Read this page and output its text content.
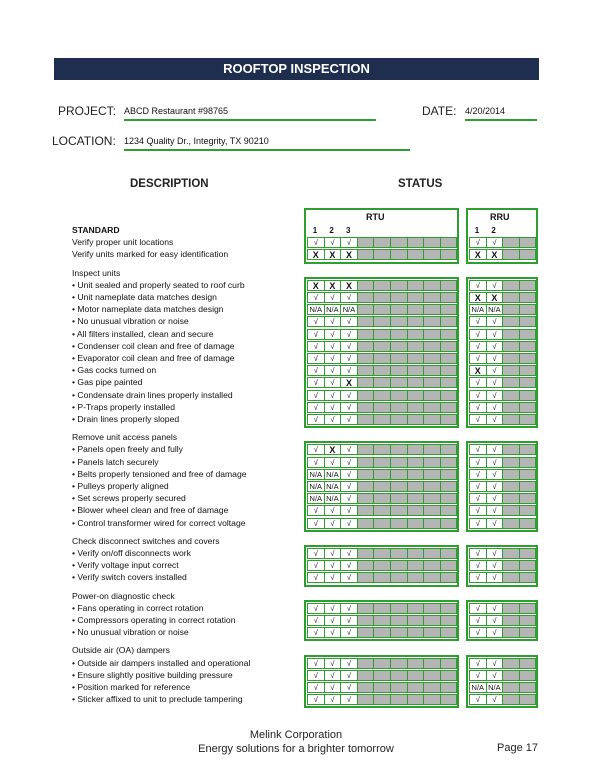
ROOFTOP INSPECTION
PROJECT: ABCD Restaurant #98765	DATE: 4/20/2014
LOCATION: 1234 Quality Dr., Integrity, TX 90210
DESCRIPTION	STATUS
RTU	RRU
1	2	3	1	2
STANDARD
Verify proper unit locations	√	√	√	√	√
Verify units marked for easy identification	X	X	X	X	X
Inspect units
• Unit sealed and properly seated to roof curb	X	X	X	√	√
• Unit nameplate data matches design	√	√	√	X	X
• Motor nameplate data matches design	N/A N/A N/A	N/A N/A
• No unusual vibration or noise	√	√	√	√	√
• All filters installed, clean and secure	√	√	√	√	√
• Condenser coil clean and free of damage	√	√	√	√	√
• Evaporator coil clean and free of damage	√	√	√	√	√
• Gas cocks turned on	√	√	√	X	√
• Gas pipe painted	√	√	X	√	√
• Condensate drain lines properly installed	√	√	√	√	√
• P-Traps properly installed	√	√	√	√	√
• Drain lines properly sloped	√	√	√	√	√
Remove unit access panels
• Panels open freely and fully	√	X	√	√	√
• Panels latch securely	√	√	√	√	√
• Belts properly tensioned and free of damage	N/A N/A	√	√	√
• Pulleys properly aligned	N/A N/A	√	√	√
• Set screws properly secured	N/A N/A	√	√	√
• Blower wheel clean and free of damage	√	√	√	√	√
• Control transformer wired for correct voltage	√	√	√	√	√
Check disconnect switches and covers
• Verify on/off disconnects work	√	√	√	√	√
• Verify voltage input correct	√	√	√	√	√
• Verify switch covers installed	√	√	√	√	√
Power-on diagnostic check
• Fans operating in correct rotation	√	√	√	√	√
• Compressors operating in correct rotation	√	√	√	√	√
• No unusual vibration or noise	√	√	√	√	√
Outside air (OA) dampers
• Outside air dampers installed and operational	√	√	√	√	√
• Ensure slightly positive building pressure	√	√	√	√	√
• Position marked for reference	√	√	√	N/A N/A
• Sticker affixed to unit to preclude tampering	√	√	√	√	√
Melink Corporation
Energy solutions for a brighter tomorrow	Page 17
